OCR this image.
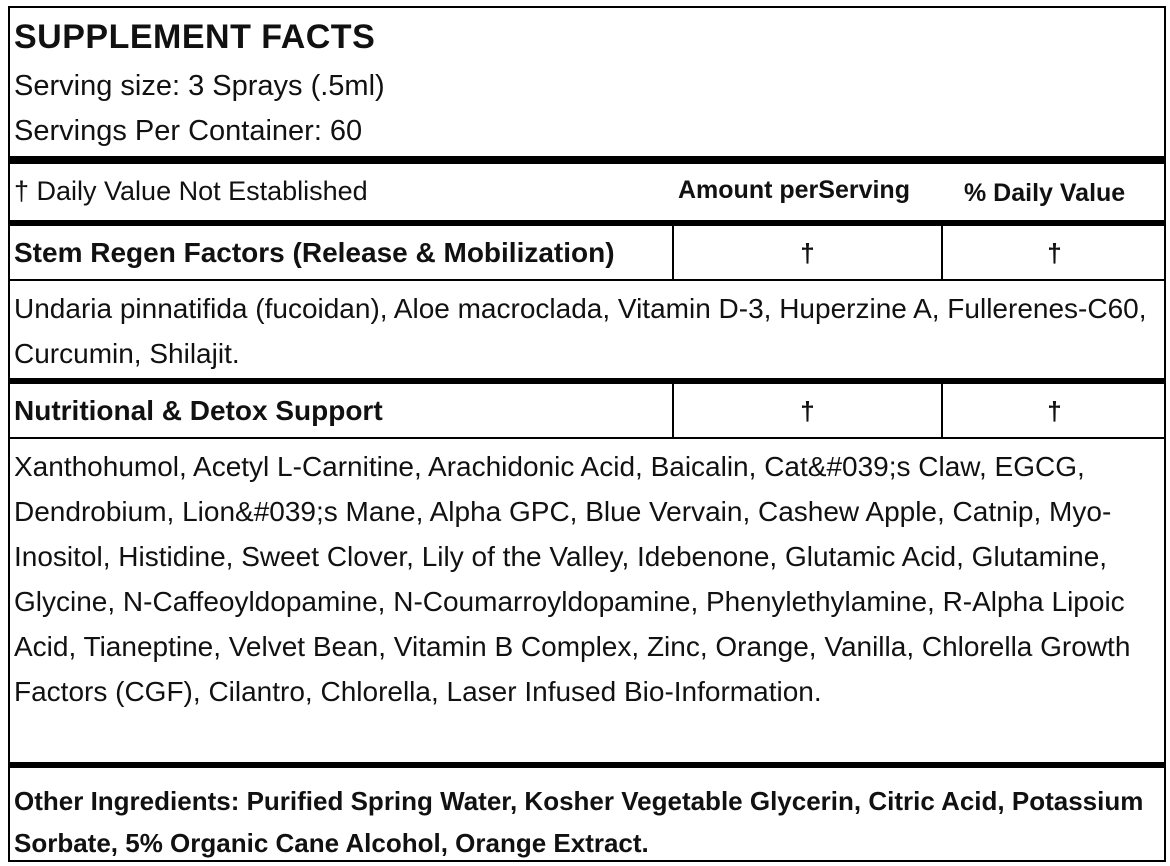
SUPPLEMENT FACTS
Serving size: 3 Sprays (.5ml)
Servings Per Container: 60
† Daily Value Not Established	Amount perServing % Daily Value
Stem Regen Factors (Release & Mobilization)	†	†
Undaria pinnatifida (fucoidan), Aloe macroclada, Vitamin D-3, Huperzine A, Fullerenes-C60, Curcumin, Shilajit.
Nutritional & Detox Support	†	†
Xanthohumol, Acetyl L-Carnitine, Arachidonic Acid, Baicalin, Cat&#039;s Claw, EGCG, Dendrobium, Lion&#039;s Mane, Alpha GPC, Blue Vervain, Cashew Apple, Catnip, Myo-Inositol, Histidine, Sweet Clover, Lily of the Valley, Idebenone, Glutamic Acid, Glutamine, Glycine, N-Caffeoyldopamine, N-Coumarroyldopamine, Phenylethylamine, R-Alpha Lipoic Acid, Tianeptine, Velvet Bean, Vitamin B Complex, Zinc, Orange, Vanilla, Chlorella Growth Factors (CGF), Cilantro, Chlorella, Laser Infused Bio-Information.
Other Ingredients: Purified Spring Water, Kosher Vegetable Glycerin, Citric Acid, Potassium Sorbate, 5% Organic Cane Alcohol, Orange Extract.
